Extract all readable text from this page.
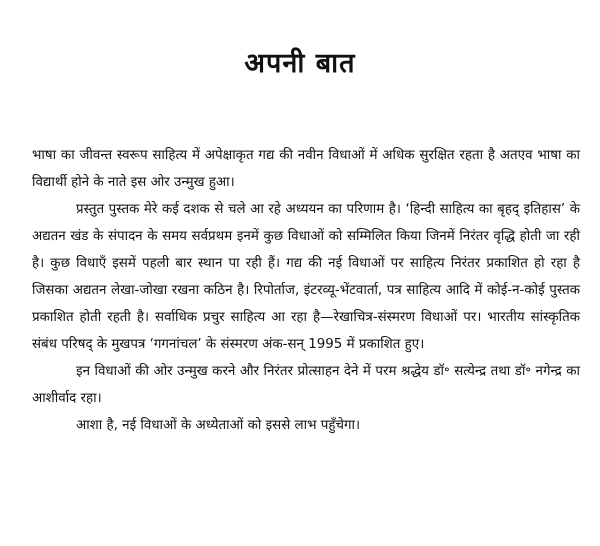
अपनी बात

भाषा का जीवन्त स्वरूप साहित्य में अपेक्षाकृत गद्य की नवीन विधाओं में अधिक सुरक्षित रहता है अतएव भाषा का विद्यार्थी होने के नाते इस ओर उन्मुख हुआ।

प्रस्तुत पुस्तक मेरे कई दशक से चले आ रहे अध्ययन का परिणाम है। ‘हिन्दी साहित्य का बृहद् इतिहास’ के अद्यतन खंड के संपादन के समय सर्वप्रथम इनमें कुछ विधाओं को सम्मिलित किया जिनमें निरंतर वृद्धि होती जा रही है। कुछ विधाएँ इसमें पहली बार स्थान पा रही हैं। गद्य की नई विधाओं पर साहित्य निरंतर प्रकाशित हो रहा है जिसका अद्यतन लेखा-जोखा रखना कठिन है। रिपोर्ताज, इंटरव्यू-भेंटवार्ता, पत्र साहित्य आदि में कोई-न-कोई पुस्तक प्रकाशित होती रहती है। सर्वाधिक प्रचुर साहित्य आ रहा है—रेखाचित्र-संस्मरण विधाओं पर। भारतीय सांस्कृतिक संबंध परिषद् के मुखपत्र ‘गगनांचल’ के संस्मरण अंक-सन् 1995 में प्रकाशित हुए।

इन विधाओं की ओर उन्मुख करने और निरंतर प्रोत्साहन देने में परम श्रद्धेय डॉ॰ सत्येन्द्र तथा डॉ॰ नगेन्द्र का आशीर्वाद रहा।

आशा है, नई विधाओं के अध्येताओं को इससे लाभ पहुँचेगा।
